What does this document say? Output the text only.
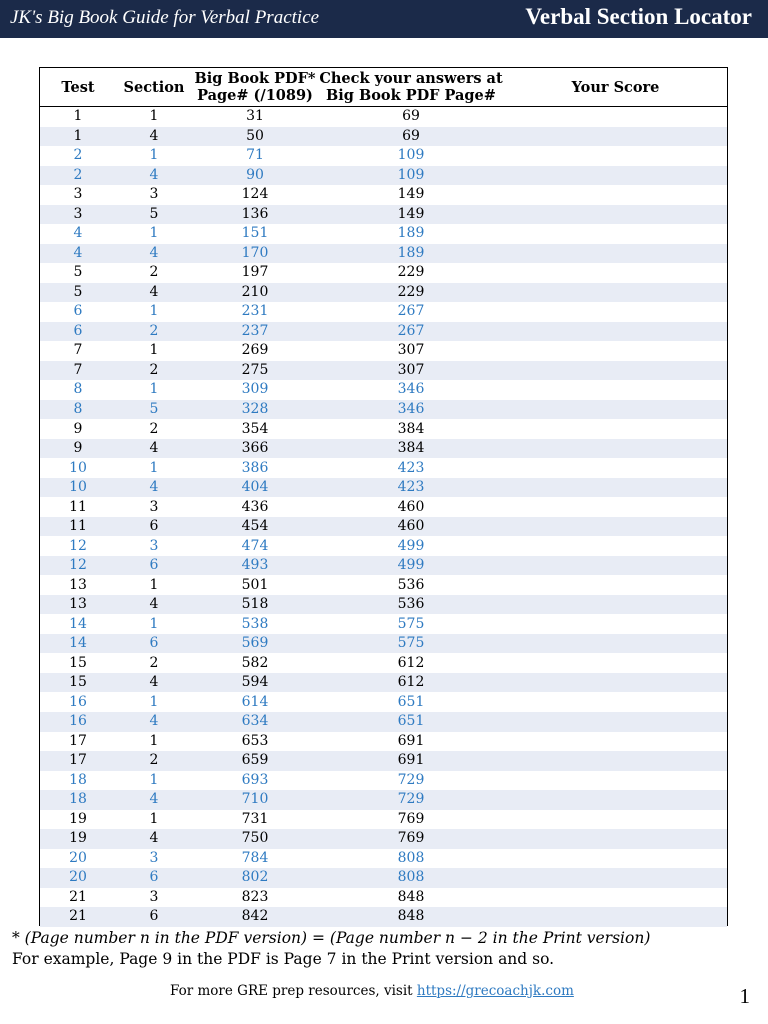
JK's Big Book Guide for Verbal Practice	Verbal Section Locator
Test	Section	Big Book PDF* Page# (/1089)	Check your answers at Big Book PDF Page#	Your Score
1	1	31	69	
1	4	50	69	
2	1	71	109	
2	4	90	109	
3	3	124	149	
3	5	136	149	
4	1	151	189	
4	4	170	189	
5	2	197	229	
5	4	210	229	
6	1	231	267	
6	2	237	267	
7	1	269	307	
7	2	275	307	
8	1	309	346	
8	5	328	346	
9	2	354	384	
9	4	366	384	
10	1	386	423	
10	4	404	423	
11	3	436	460	
11	6	454	460	
12	3	474	499	
12	6	493	499	
13	1	501	536	
13	4	518	536	
14	1	538	575	
14	6	569	575	
15	2	582	612	
15	4	594	612	
16	1	614	651	
16	4	634	651	
17	1	653	691	
17	2	659	691	
18	1	693	729	
18	4	710	729	
19	1	731	769	
19	4	750	769	
20	3	784	808	
20	6	802	808	
21	3	823	848	
21	6	842	848	
* (Page number n in the PDF version) = (Page number n − 2 in the Print version)
For example, Page 9 in the PDF is Page 7 in the Print version and so.
For more GRE prep resources, visit https://grecoachjk.com	1
